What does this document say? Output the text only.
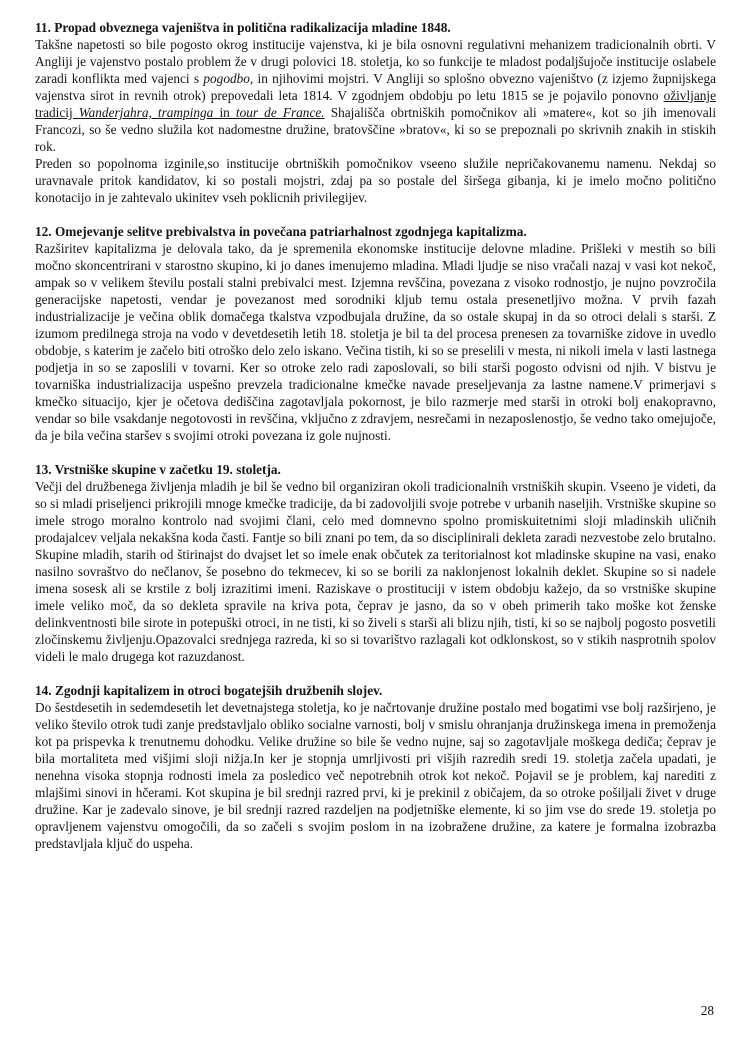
11. Propad obveznega vajeništva in politična radikalizacija mladine 1848.

Takšne napetosti so bile pogosto okrog institucije vajenstva, ki je bila osnovni regulativni mehanizem tradicionalnih obrti. V Angliji je vajenstvo postalo problem že v drugi polovici 18. stoletja, ko so funkcije te mladost podaljšujoče institucije oslabele zaradi konflikta med vajenci s pogodbo, in njihovimi mojstri. V Angliji so splošno obvezno vajeništvo (z izjemo župnijskega vajenstva sirot in revnih otrok) prepovedali leta 1814. V zgodnjem obdobju po letu 1815 se je pojavilo ponovno oživljanje tradicij Wanderjahra, trampinga in tour de France. Shajališča obrtniških pomočnikov ali »matere«, kot so jih imenovali Francozi, so še vedno služila kot nadomestne družine, bratovščine »bratov«, ki so se prepoznali po skrivnih znakih in stiskih rok.

Preden so popolnoma izginile,so institucije obrtniških pomočnikov vseeno služile nepričakovanemu namenu. Nekdaj so uravnavale pritok kandidatov, ki so postali mojstri, zdaj pa so postale del širšega gibanja, ki je imelo močno politično konotacijo in je zahtevalo ukinitev vseh poklicnih privilegijev.

12. Omejevanje selitve prebivalstva in povečana patriarhalnost zgodnjega kapitalizma.

Razširitev kapitalizma je delovala tako, da je spremenila ekonomske institucije delovne mladine. Prišleki v mestih so bili močno skoncentrirani v starostno skupino, ki jo danes imenujemo mladina. Mladi ljudje se niso vračali nazaj v vasi kot nekoč, ampak so v velikem številu postali stalni prebivalci mest. Izjemna revščina, povezana z visoko rodnostjo, je nujno povzročila generacijske napetosti, vendar je povezanost med sorodniki kljub temu ostala presenetljivo možna. V prvih fazah industrializacije je večina oblik domačega tkalstva vzpodbujala družine, da so ostale skupaj in da so otroci delali s starši. Z izumom predilnega stroja na vodo v devetdesetih letih 18. stoletja je bil ta del procesa prenesen za tovarniške zidove in uvedlo obdobje, s katerim je začelo biti otroško delo zelo iskano. Večina tistih, ki so se preselili v mesta, ni nikoli imela v lasti lastnega podjetja in so se zaposlili v tovarni. Ker so otroke zelo radi zaposlovali, so bili starši pogosto odvisni od njih. V bistvu je tovarniška industrializacija uspešno prevzela tradicionalne kmečke navade preseljevanja za lastne namene.V primerjavi s kmečko situacijo, kjer je očetova dediščina zagotavljala pokornost, je bilo razmerje med starši in otroki bolj enakopravno, vendar so bile vsakdanje negotovosti in revščina, vključno z zdravjem, nesrečami in nezaposlenostjo, še vedno tako omejujoče, da je bila večina staršev s svojimi otroki povezana iz gole nujnosti.

13. Vrstniške skupine v začetku 19. stoletja.

Večji del družbenega življenja mladih je bil še vedno bil organiziran okoli tradicionalnih vrstniških skupin. Vseeno je videti, da so si mladi priseljenci prikrojili mnoge kmečke tradicije, da bi zadovoljili svoje potrebe v urbanih naseljih. Vrstniške skupine so imele strogo moralno kontrolo nad svojimi člani, celo med domnevno spolno promiskuitetnimi sloji mladinskih uličnih prodajalcev veljala nekakšna koda časti. Fantje so bili znani po tem, da so disciplinirali dekleta zaradi nezvestobe zelo brutalno. Skupine mladih, starih od štirinajst do dvajset let so imele enak občutek za teritorialnost kot mladinske skupine na vasi, enako nasilno sovraštvo do nečlanov, še posebno do tekmecev, ki so se borili za naklonjenost lokalnih deklet. Skupine so si nadele imena sosesk ali se krstile z bolj izrazitimi imeni. Raziskave o prostituciji v istem obdobju kažejo, da so vrstniške skupine imele veliko moč, da so dekleta spravile na kriva pota, čeprav je jasno, da so v obeh primerih tako moške kot ženske delinkventnosti bile sirote in potepuški otroci, in ne tisti, ki so živeli s starši ali blizu njih, tisti, ki so se najbolj pogosto posvetili zločinskemu življenju.Opazovalci srednjega razreda, ki so si tovarištvo razlagali kot odklonskost, so v stikih nasprotnih spolov videli le malo drugega kot razuzdanost.

14. Zgodnji kapitalizem in otroci bogatejših družbenih slojev.

Do šestdesetih in sedemdesetih let devetnajstega stoletja, ko je načrtovanje družine postalo med bogatimi vse bolj razširjeno, je veliko število otrok tudi zanje predstavljalo obliko socialne varnosti, bolj v smislu ohranjanja družinskega imena in premoženja kot pa prispevka k trenutnemu dohodku. Velike družine so bile še vedno nujne, saj so zagotavljale moškega dediča; čeprav je bila mortaliteta med višjimi sloji nižja.In ker je stopnja umrljivosti pri višjih razredih sredi 19. stoletja začela upadati, je nenehna visoka stopnja rodnosti imela za posledico več nepotrebnih otrok kot nekoč. Pojavil se je problem, kaj narediti z mlajšimi sinovi in hčerami. Kot skupina je bil srednji razred prvi, ki je prekinil z običajem, da so otroke pošiljali živet v druge družine. Kar je zadevalo sinove, je bil srednji razred razdeljen na podjetniške elemente, ki so jim vse do srede 19. stoletja po opravljenem vajenstvu omogočili, da so začeli s svojim poslom in na izobražene družine, za katere je formalna izobrazba predstavljala ključ do uspeha.

28
